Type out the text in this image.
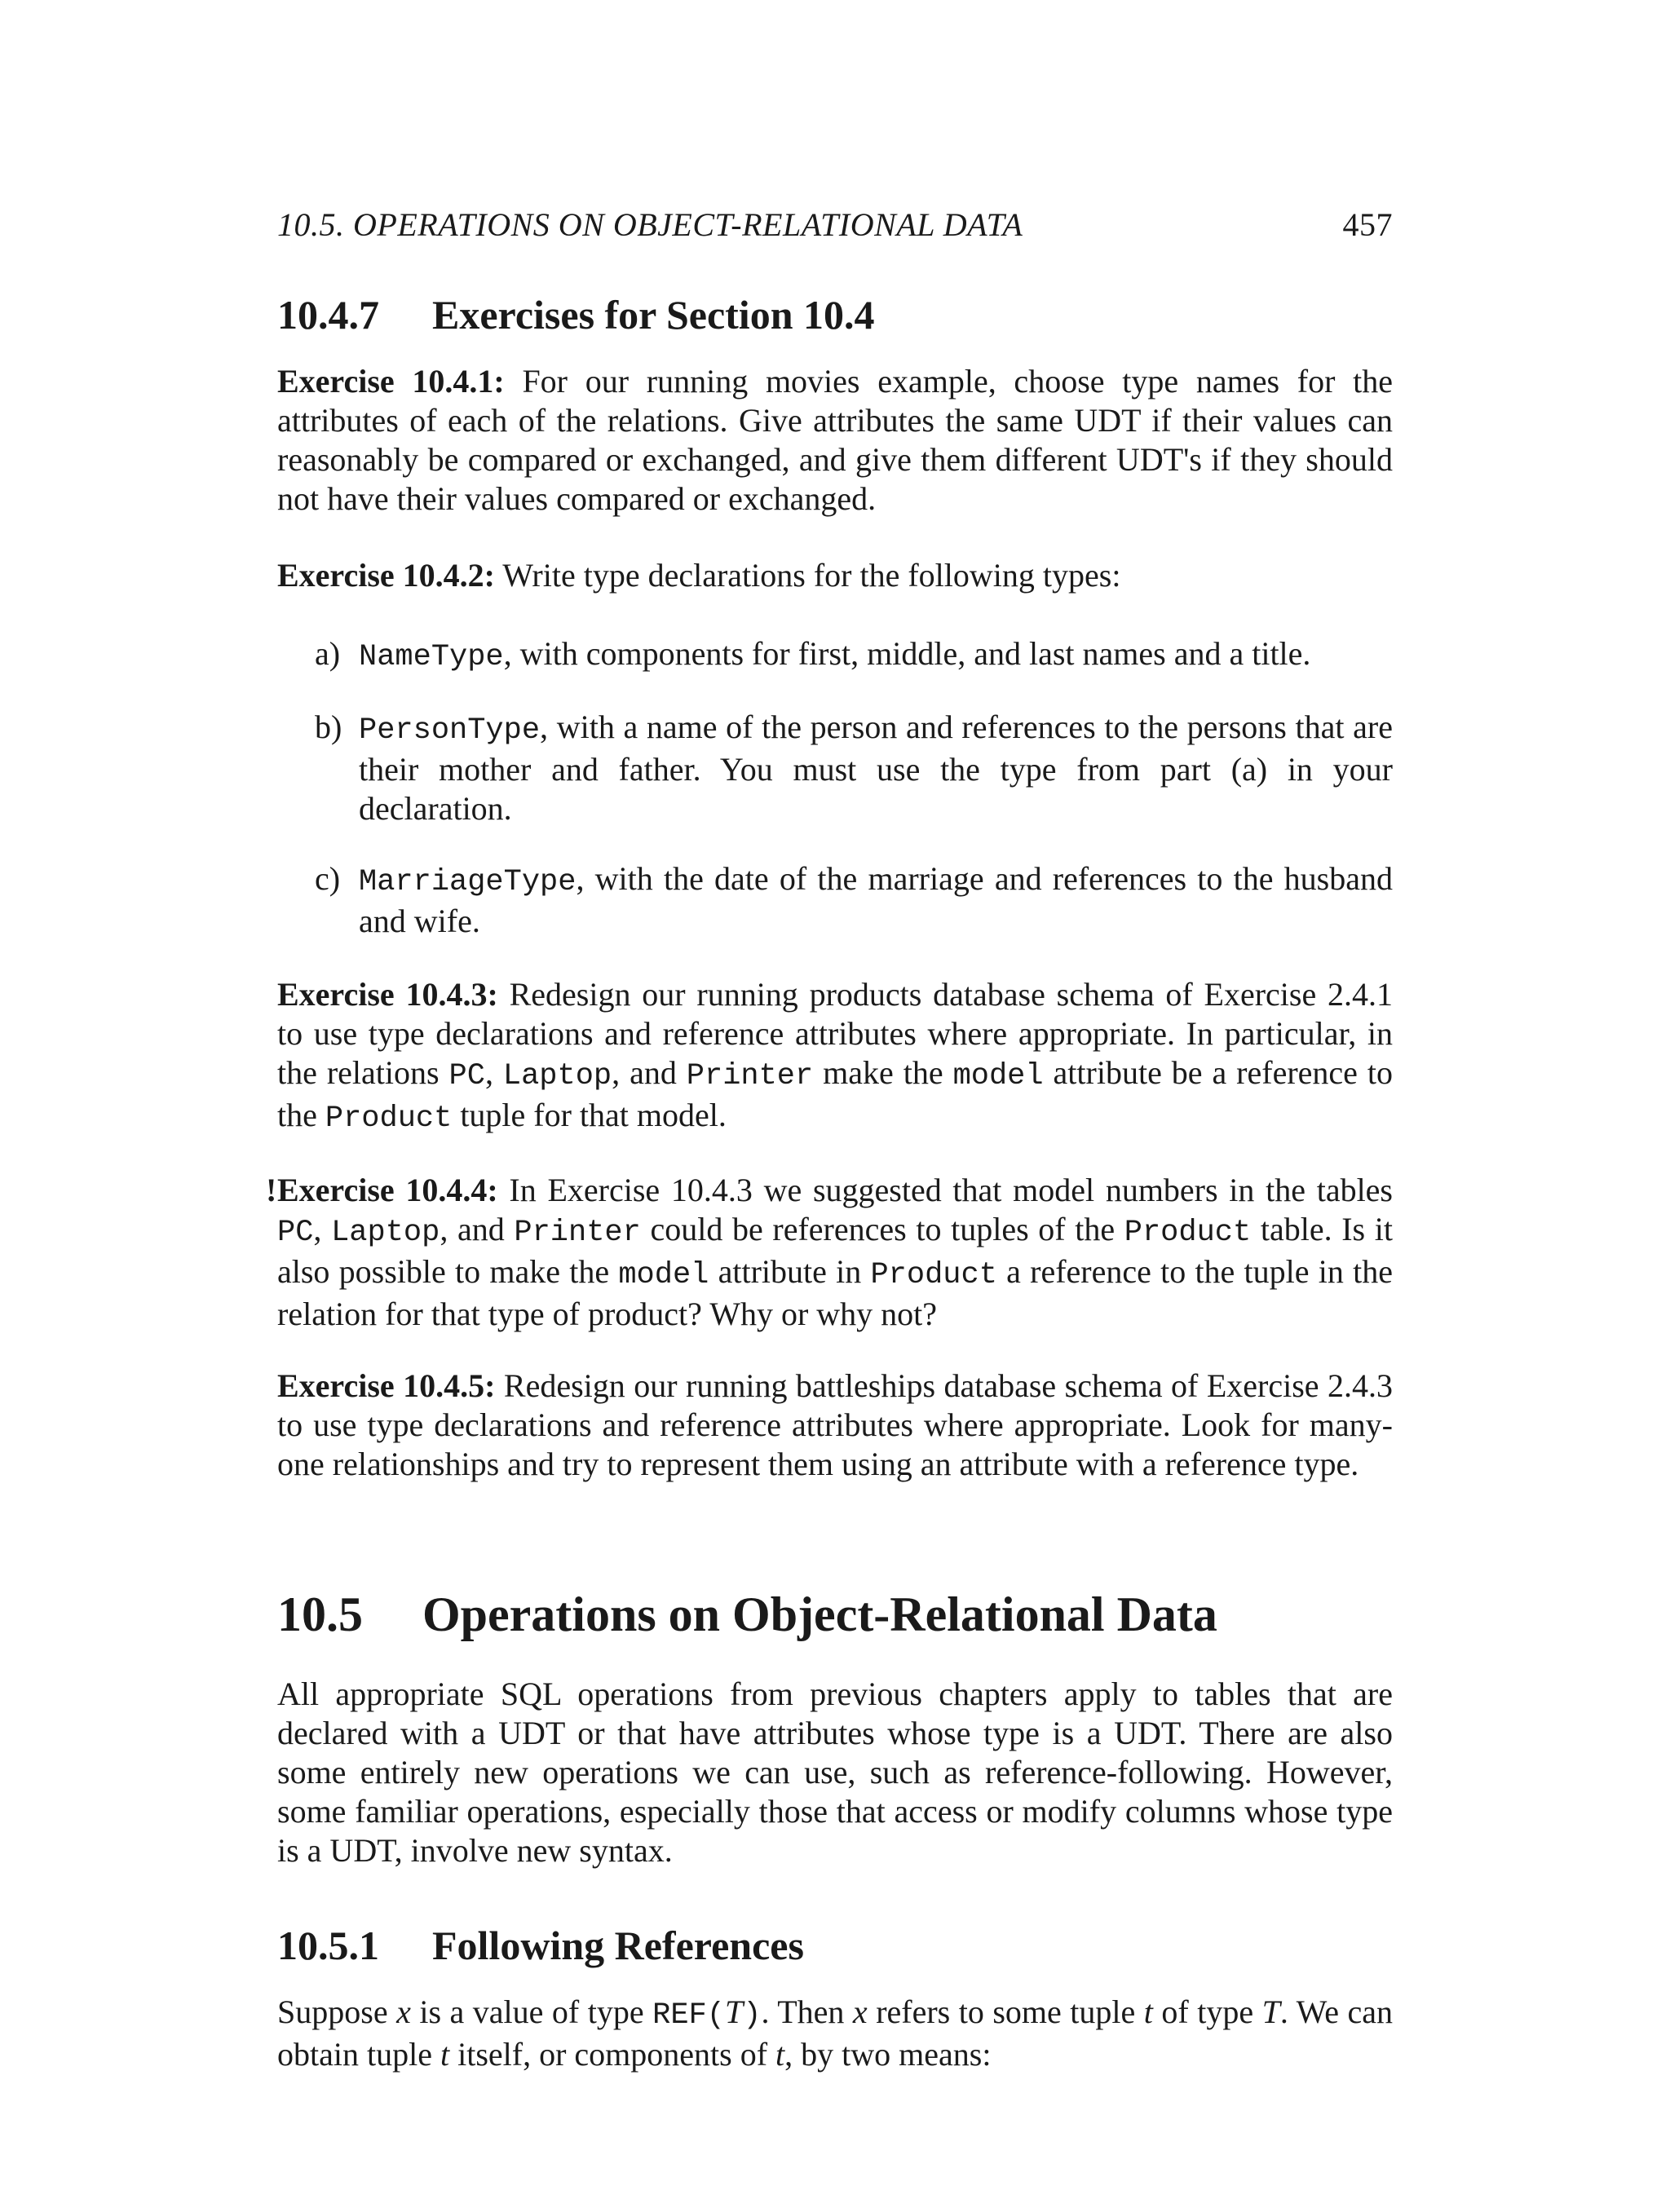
10.5. OPERATIONS ON OBJECT-RELATIONAL DATA	457
10.4.7 Exercises for Section 10.4
Exercise 10.4.1: For our running movies example, choose type names for the attributes of each of the relations. Give attributes the same UDT if their values can reasonably be compared or exchanged, and give them different UDT's if they should not have their values compared or exchanged.
Exercise 10.4.2: Write type declarations for the following types:
a) NameType, with components for first, middle, and last names and a title.
b) PersonType, with a name of the person and references to the persons that are their mother and father. You must use the type from part (a) in your declaration.
c) MarriageType, with the date of the marriage and references to the husband and wife.
Exercise 10.4.3: Redesign our running products database schema of Exercise 2.4.1 to use type declarations and reference attributes where appropriate. In particular, in the relations PC, Laptop, and Printer make the model attribute be a reference to the Product tuple for that model.
! Exercise 10.4.4: In Exercise 10.4.3 we suggested that model numbers in the tables PC, Laptop, and Printer could be references to tuples of the Product table. Is it also possible to make the model attribute in Product a reference to the tuple in the relation for that type of product? Why or why not?
Exercise 10.4.5: Redesign our running battleships database schema of Exercise 2.4.3 to use type declarations and reference attributes where appropriate. Look for many-one relationships and try to represent them using an attribute with a reference type.
10.5 Operations on Object-Relational Data
All appropriate SQL operations from previous chapters apply to tables that are declared with a UDT or that have attributes whose type is a UDT. There are also some entirely new operations we can use, such as reference-following. However, some familiar operations, especially those that access or modify columns whose type is a UDT, involve new syntax.
10.5.1 Following References
Suppose x is a value of type REF(T). Then x refers to some tuple t of type T. We can obtain tuple t itself, or components of t, by two means:
